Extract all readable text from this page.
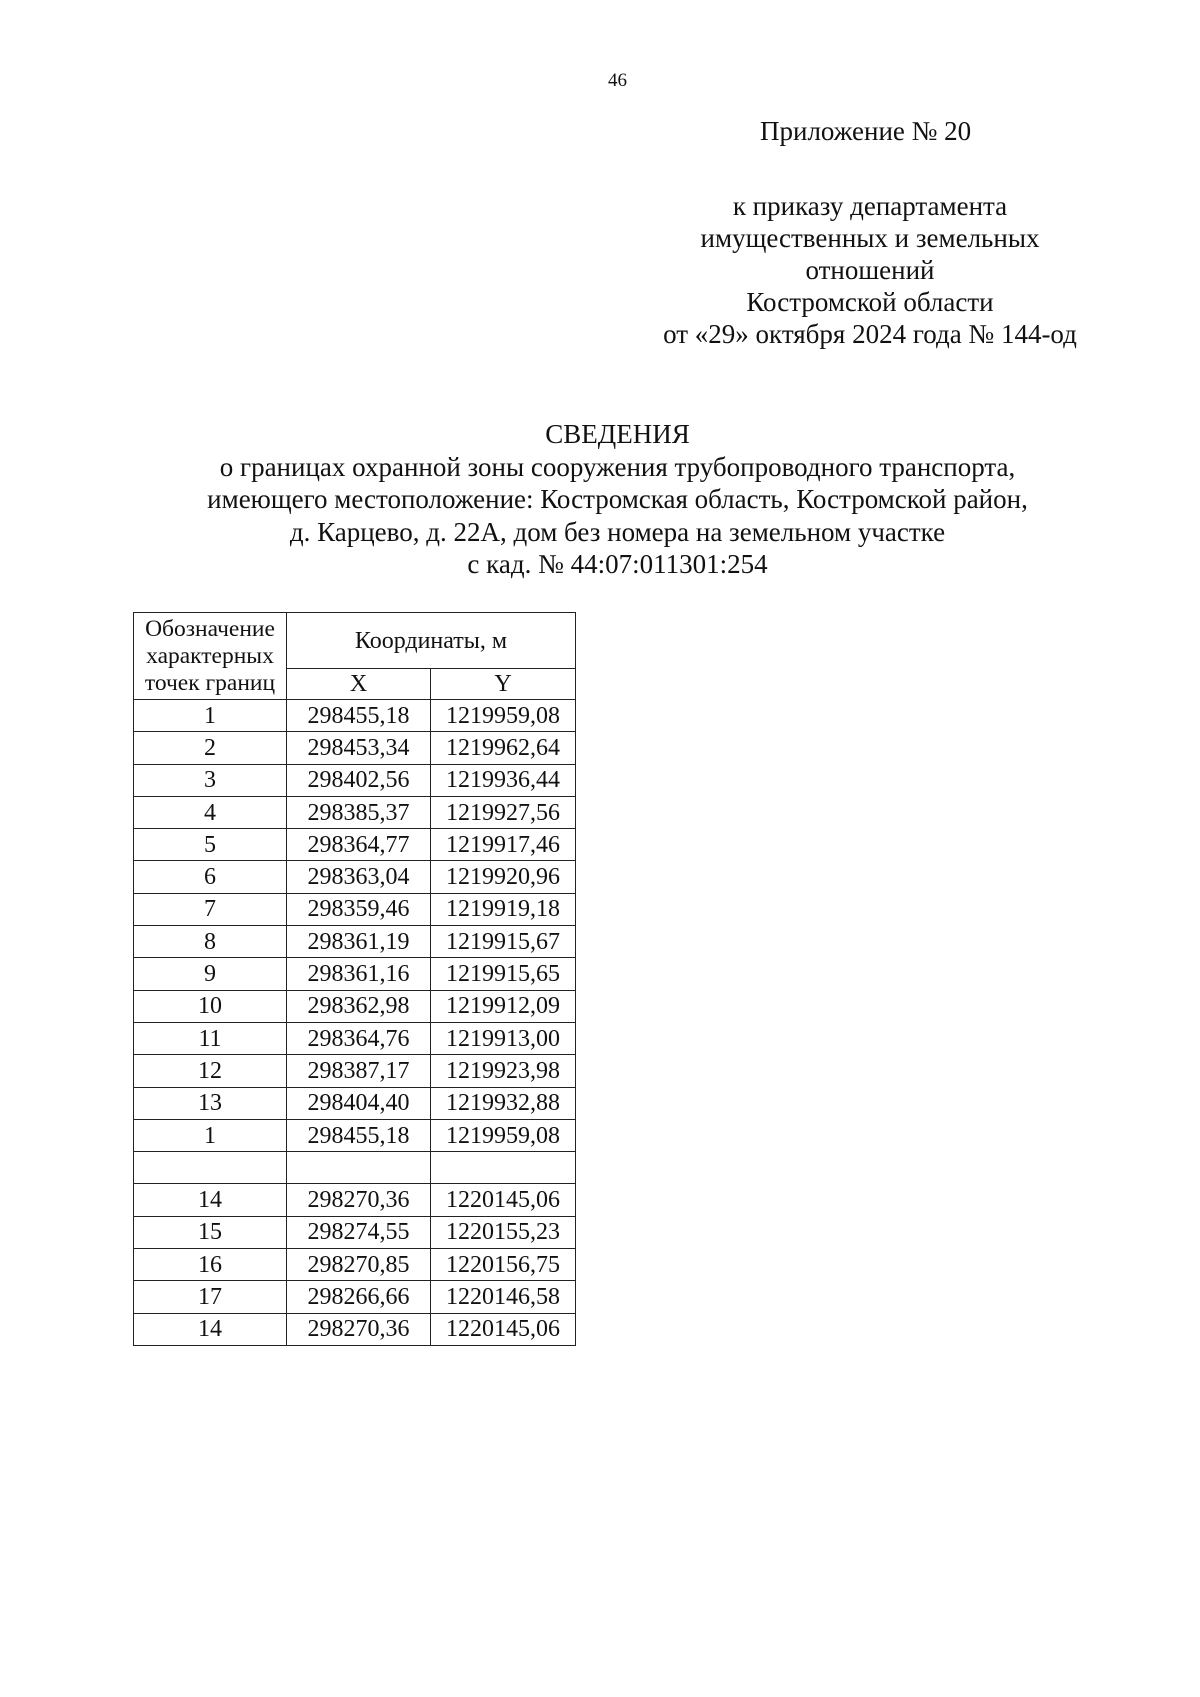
46
Приложение № 20
к приказу департамента
имущественных и земельных
отношений
Костромской области
от «29» октября 2024 года № 144-од
СВЕДЕНИЯ
о границах охранной зоны сооружения трубопроводного транспорта,
имеющего местоположение: Костромская область, Костромской район,
д. Карцево, д. 22А, дом без номера на земельном участке
с кад. № 44:07:011301:254
Обозначение
характерных
точек границ	Координаты, м	
	X	Y
1	298455,18	1219959,08
2	298453,34	1219962,64
3	298402,56	1219936,44
4	298385,37	1219927,56
5	298364,77	1219917,46
6	298363,04	1219920,96
7	298359,46	1219919,18
8	298361,19	1219915,67
9	298361,16	1219915,65
10	298362,98	1219912,09
11	298364,76	1219913,00
12	298387,17	1219923,98
13	298404,40	1219932,88
1	298455,18	1219959,08

14	298270,36	1220145,06
15	298274,55	1220155,23
16	298270,85	1220156,75
17	298266,66	1220146,58
14	298270,36	1220145,06
